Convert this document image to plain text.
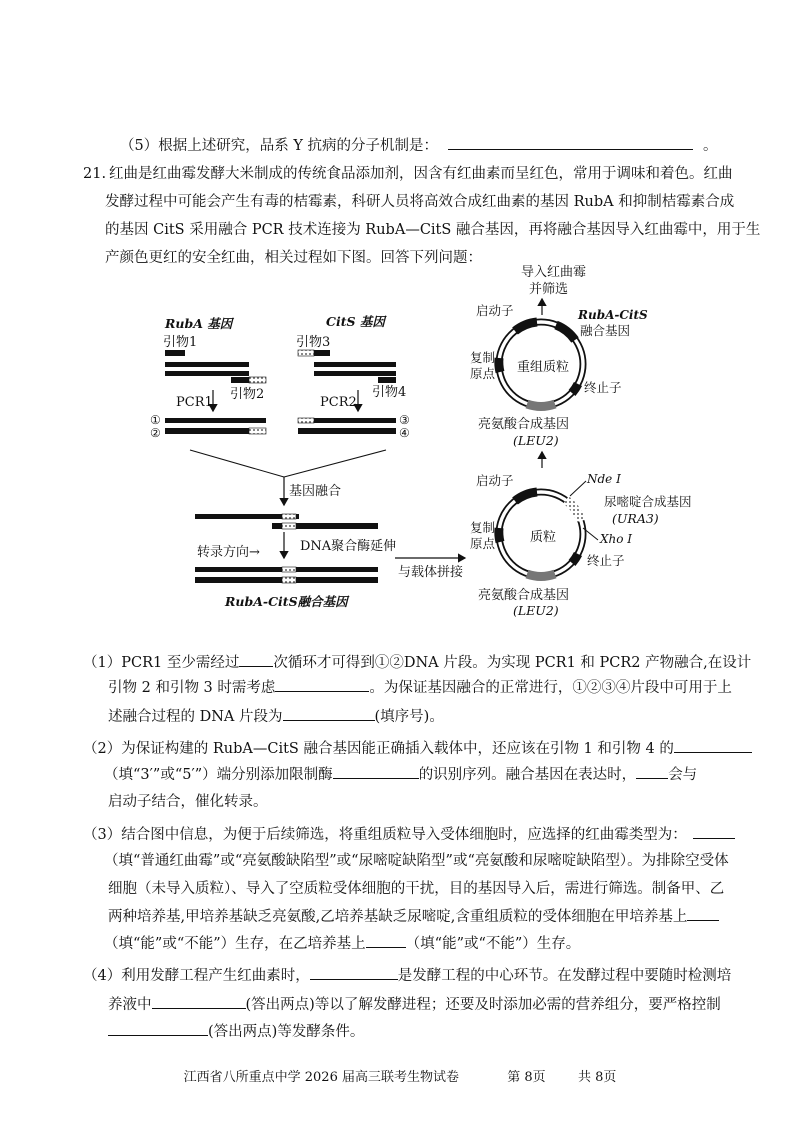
（5）根据上述研究，品系 Y 抗病的分子机制是：	。
21. 红曲是红曲霉发酵大米制成的传统食品添加剂，因含有红曲素而呈红色，常用于调味和着色。红曲
发酵过程中可能会产生有毒的桔霉素，科研人员将高效合成红曲素的基因 RubA 和抑制桔霉素合成
的基因 CitS 采用融合 PCR 技术连接为 RubA—CitS 融合基因，再将融合基因导入红曲霉中，用于生
产颜色更红的安全红曲，相关过程如下图。回答下列问题：
RubA 基因
引物1
引物2
PCR1
①
②
CitS 基因
引物3
引物4
PCR2
③
④
基因融合
DNA聚合酶延伸
转录方向→
RubA-CitS融合基因
与载体拼接
导入红曲霉
并筛选
重组质粒
启动子	RubA-CitS
融合基因
复制
原点
终止子
亮氨酸合成基因
(LEU2)
质粒
启动子	Nde Ⅰ
尿嘧啶合成基因
(URA3)
Xho Ⅰ
复制
原点
终止子
亮氨酸合成基因
(LEU2)
（1）PCR1 至少需经过 次循环才可得到①②DNA 片段。为实现 PCR1 和 PCR2 产物融合,在设计
引物 2 和引物 3 时需考虑	。为保证基因融合的正常进行，①②③④片段中可用于上
述融合过程的 DNA 片段为	(填序号)。
（2）为保证构建的 RubA—CitS 融合基因能正确插入载体中，还应该在引物 1 和引物 4 的
（填“3′”或“5′”）端分别添加限制酶	的识别序列。融合基因在表达时， 会与
启动子结合，催化转录。
（3）结合图中信息，为便于后续筛选，将重组质粒导入受体细胞时，应选择的红曲霉类型为：
（填“普通红曲霉”或“亮氨酸缺陷型”或“尿嘧啶缺陷型”或“亮氨酸和尿嘧啶缺陷型）。为排除空受体
细胞（未导入质粒）、导入了空质粒受体细胞的干扰，目的基因导入后，需进行筛选。制备甲、乙
两种培养基,甲培养基缺乏亮氨酸,乙培养基缺乏尿嘧啶,含重组质粒的受体细胞在甲培养基上
（填“能”或“不能”）生存，在乙培养基上	（填“能”或“不能”）生存。
（4）利用发酵工程产生红曲素时，	是发酵工程的中心环节。在发酵过程中要随时检测培
养液中	(答出两点)等以了解发酵进程；还要及时添加必需的营养组分，要严格控制
(答出两点)等发酵条件。
江西省八所重点中学 2026 届高三联考生物试卷	第 8页 共 8页
